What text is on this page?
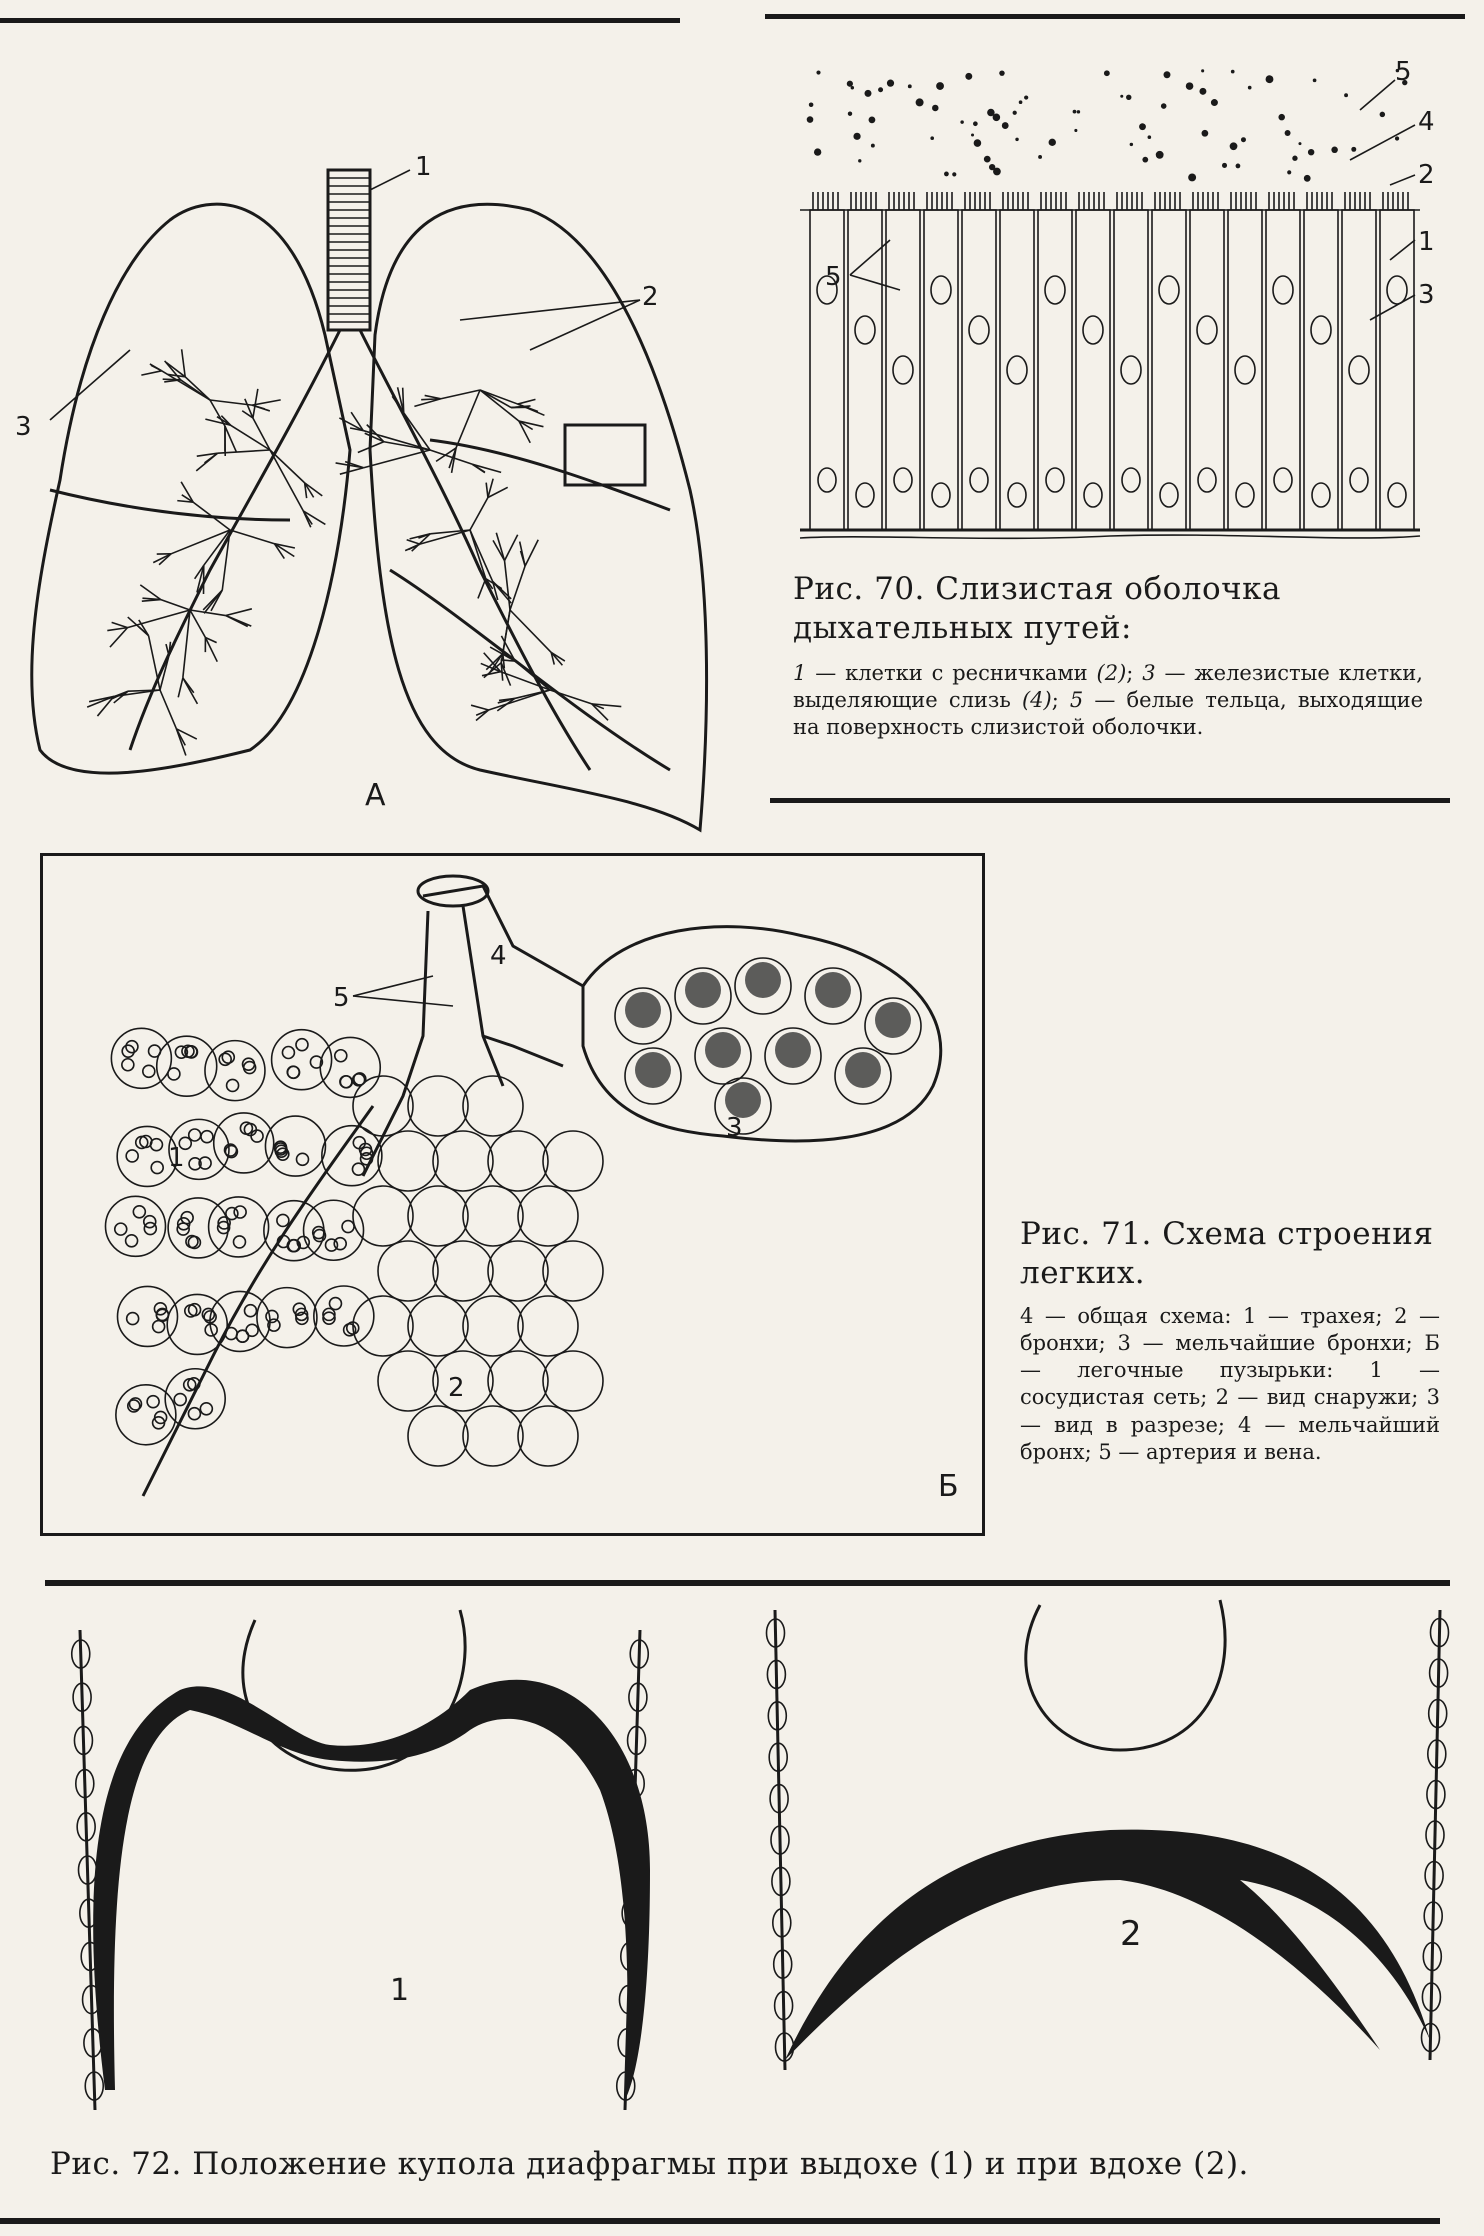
1
2
3
А
1
2
3
4
5
5
Рис. 70. Слизистая оболочка дыхательных путей:
1 — клетки с ресничками (2); 3 — железистые клетки, выделяющие слизь (4); 5 — белые тельца, выходящие на поверхность слизистой оболочки.
5
4
3
1
2
Б
Рис. 71. Схема строения легких.
4 — общая схема: 1 — трахея; 2 — бронхи; 3 — мельчайшие бронхи; Б — легочные пузырьки: 1 — сосудистая сеть; 2 — вид снаружи; 3 — вид в разрезе; 4 — мельчайший бронх; 5 — артерия и вена.
1
2
Рис. 72. Положение купола диафрагмы при выдохе (1) и при вдохе (2).
